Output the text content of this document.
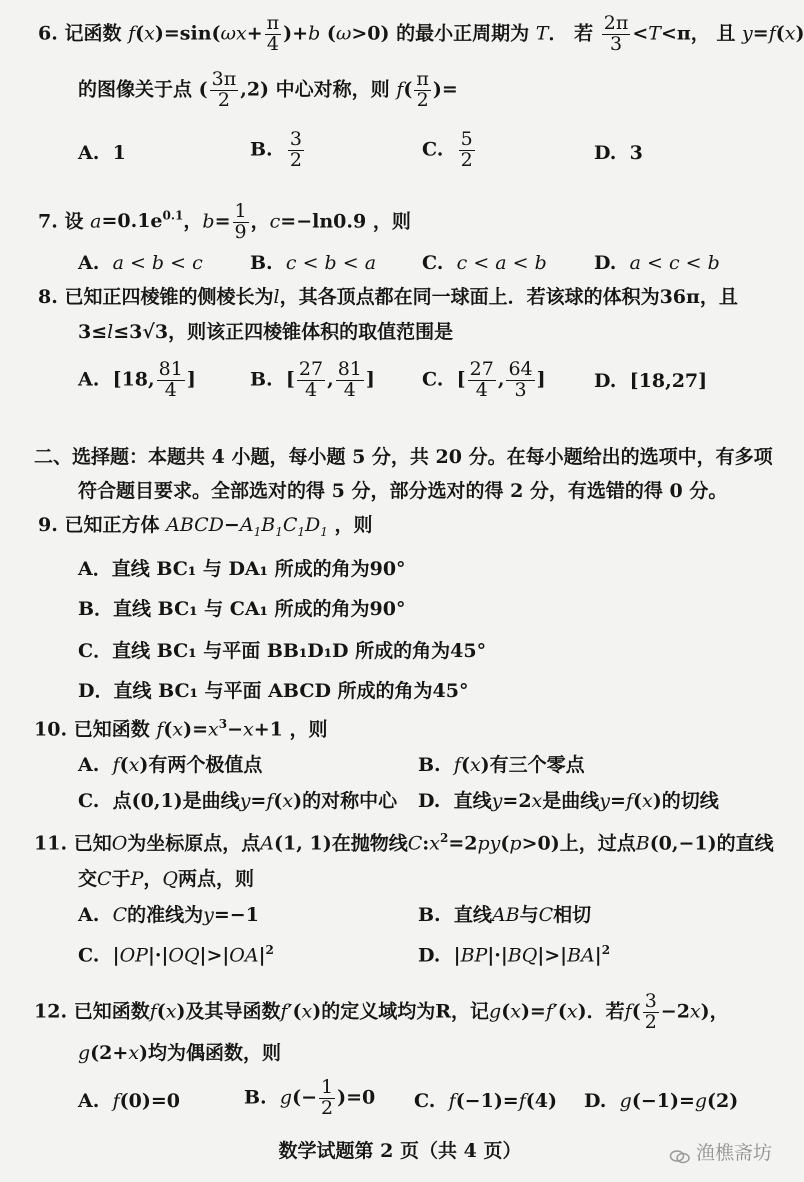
6. 记函数 $f(x)=\sin(\omega x+ \frac{\pi}{4} )+b$ (ω>0) 的最小正周期为 T． 若 $\frac{2\pi}{3} <T<\pi$， 且 y=f(x)
的图像关于点 ( $\frac{3\pi}{2} ,2$) 中心对称，则 $f( \frac{\pi}{2}$ )=
A. 1	B. $\frac{3}{2}$	C. $\frac{5}{2}$	D. 3
7. 设 $a=0.1e^{0.1}$，$b= \frac{1}{9}$ ，c=−ln0.9 ，则
A.  a < b < c B.  c < b < a C.  c < a < b D.  a < c < b
8. 已知正四棱锥的侧棱长为l，其各顶点都在同一球面上．若该球的体积为36π，且
3≤l≤3√3，则该正四棱锥体积的取值范围是
A.  [18, $\frac{81}{4}$ ]	B.  [ $\frac{27}{4}$ , $\frac{81}{4}$ ] C.  [ $\frac{27}{4}$ , $\frac{64}{3}$ ]	D.  [18,27]
二、选择题：本题共 4 小题，每小题 5 分，共 20 分。在每小题给出的选项中，有多项
符合题目要求。全部选对的得 5 分，部分选对的得 2 分，有选错的得 0 分。
9. 已知正方体 $ABCD-A_1B_1C_1D_1$ ，则
A．直线 BC₁ 与 DA₁ 所成的角为90°
B．直线 BC₁ 与 CA₁ 所成的角为90°
C．直线 BC₁ 与平面 BB₁D₁D 所成的角为45°
D．直线 BC₁ 与平面 ABCD 所成的角为45°
10. 已知函数 $f(x)=x^3-x+1$ ，则
A.  f(x)有两个极值点	B.  f(x)有三个零点
C.  点(0,1)是曲线y=f(x)的对称中心 D.  直线y=2x是曲线y=f(x)的切线
11. 已知O为坐标原点，点A(1, 1)在抛物线$C:x^2=2py(p>0)$上，过点B(0,−1)的直线
交C于P，Q两点，则
A.  C的准线为y=−1	B.  直线AB与C相切
C.  $|OP|\cdot|OQ|>|OA|^2$	D.  $|BP|\cdot|BQ|>|BA|^2$
12. 已知函数f(x)及其导函数f′(x)的定义域均为R，记g(x)=f′(x)．若$f( \frac{3}{2} -2x)$，
g(2+x)均为偶函数，则
A.  f(0)=0	B.  $g(- \frac{1}{2} )=0$ C.  f(−1)=f(4) D.  g(−1)=g(2)
数学试题第 2 页（共 4 页）	渔樵斋坊
